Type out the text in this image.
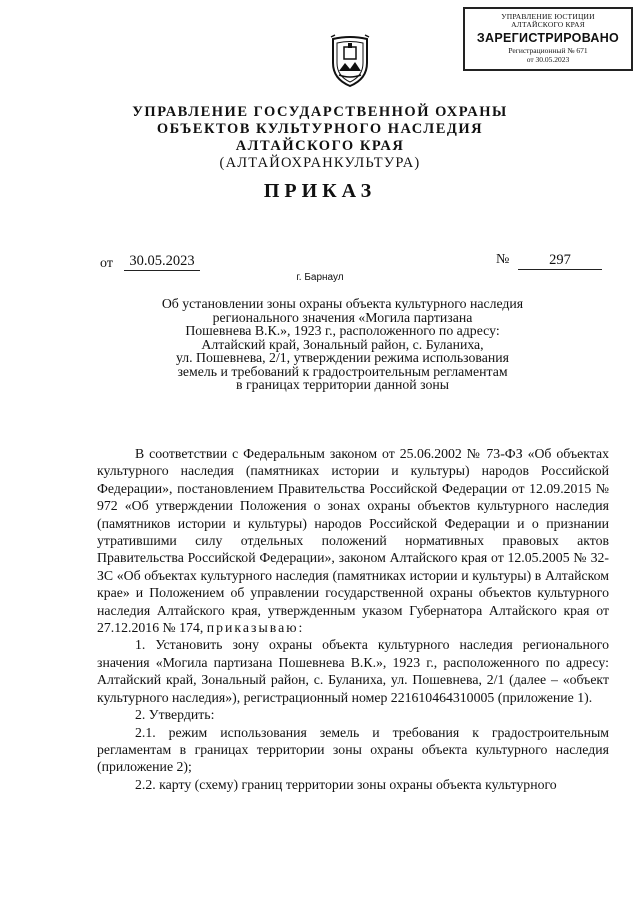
УПРАВЛЕНИЕ ЮСТИЦИИ
АЛТАЙСКОГО КРАЯ
ЗАРЕГИСТРИРОВАНО
Регистрационный № 671
от 30.05.2023
УПРАВЛЕНИЕ ГОСУДАРСТВЕННОЙ ОХРАНЫ
ОБЪЕКТОВ КУЛЬТУРНОГО НАСЛЕДИЯ
АЛТАЙСКОГО КРАЯ
(АЛТАЙОХРАНКУЛЬТУРА)
ПРИКАЗ
от	30.05.2023	№	297
г. Барнаул
Об установлении зоны охраны объекта культурного наследия
регионального значения «Могила партизана
Пошевнева В.К.», 1923 г., расположенного по адресу:
Алтайский край, Зональный район, с. Буланиха,
ул. Пошевнева, 2/1, утверждении режима использования
земель и требований к градостроительным регламентам
в границах территории данной зоны

В соответствии с Федеральным законом от 25.06.2002 № 73-ФЗ «Об объектах культурного наследия (памятниках истории и культуры) народов Российской Федерации», постановлением Правительства Российской Федерации от 12.09.2015 № 972 «Об утверждении Положения о зонах охраны объектов культурного наследия (памятников истории и культуры) народов Российской Федерации и о признании утратившими силу отдельных положений нормативных правовых актов Правительства Российской Федерации», законом Алтайского края от 12.05.2005 № 32-ЗС «Об объектах культурного наследия (памятниках истории и культуры) в Алтайском крае» и Положением об управлении государственной охраны объектов культурного наследия Алтайского края, утвержденным указом Губернатора Алтайского края от 27.12.2016 № 174, приказываю:

1. Установить зону охраны объекта культурного наследия регионального значения «Могила партизана Пошевнева В.К.», 1923 г., расположенного по адресу: Алтайский край, Зональный район, с. Буланиха, ул. Пошевнева, 2/1 (далее – «объект культурного наследия»), регистрационный номер 221610464310005 (приложение 1).

2. Утвердить:

2.1. режим использования земель и требования к градостроительным регламентам в границах территории зоны охраны объекта культурного наследия (приложение 2);

2.2. карту (схему) границ территории зоны охраны объекта культурного
